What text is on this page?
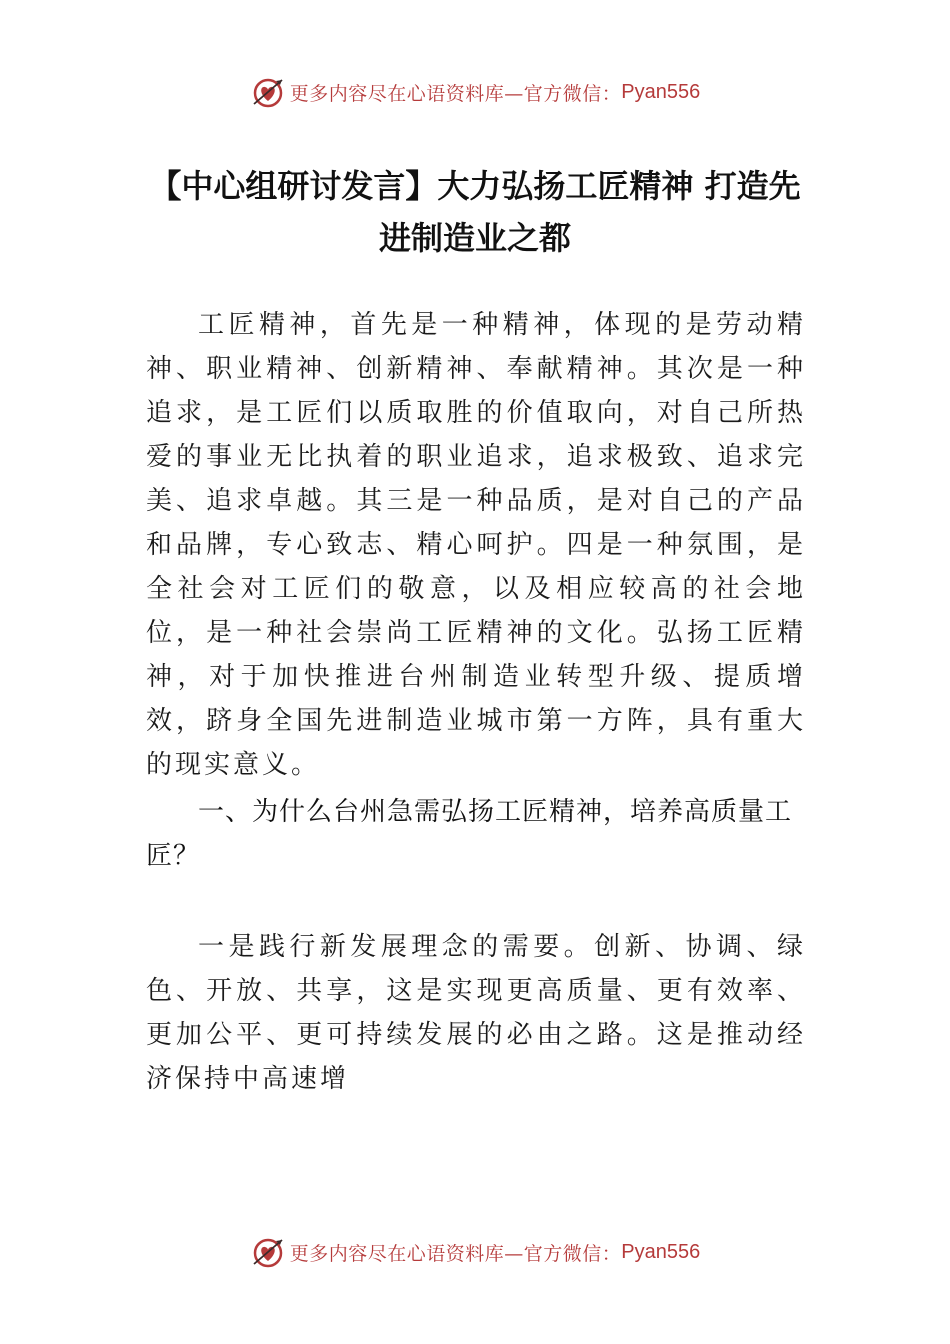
更多内容尽在心语资料库—官方微信： Pyan556
【中心组研讨发言】大力弘扬工匠精神 打造先进制造业之都

工匠精神，首先是一种精神，体现的是劳动精神、职业精神、创新精神、奉献精神。其次是一种追求，是工匠们以质取胜的价值取向，对自己所热爱的事业无比执着的职业追求，追求极致、追求完美、追求卓越。其三是一种品质，是对自己的产品和品牌，专心致志、精心呵护。四是一种氛围，是全社会对工匠们的敬意，以及相应较高的社会地位，是一种社会崇尚工匠精神的文化。弘扬工匠精神，对于加快推进台州制造业转型升级、提质增效，跻身全国先进制造业城市第一方阵，具有重大的现实意义。

一、为什么台州急需弘扬工匠精神，培养高质量工匠？

一是践行新发展理念的需要。创新、协调、绿色、开放、共享，这是实现更高质量、更有效率、更加公平、更可持续发展的必由之路。这是推动经济保持中高速增

更多内容尽在心语资料库—官方微信： Pyan556
